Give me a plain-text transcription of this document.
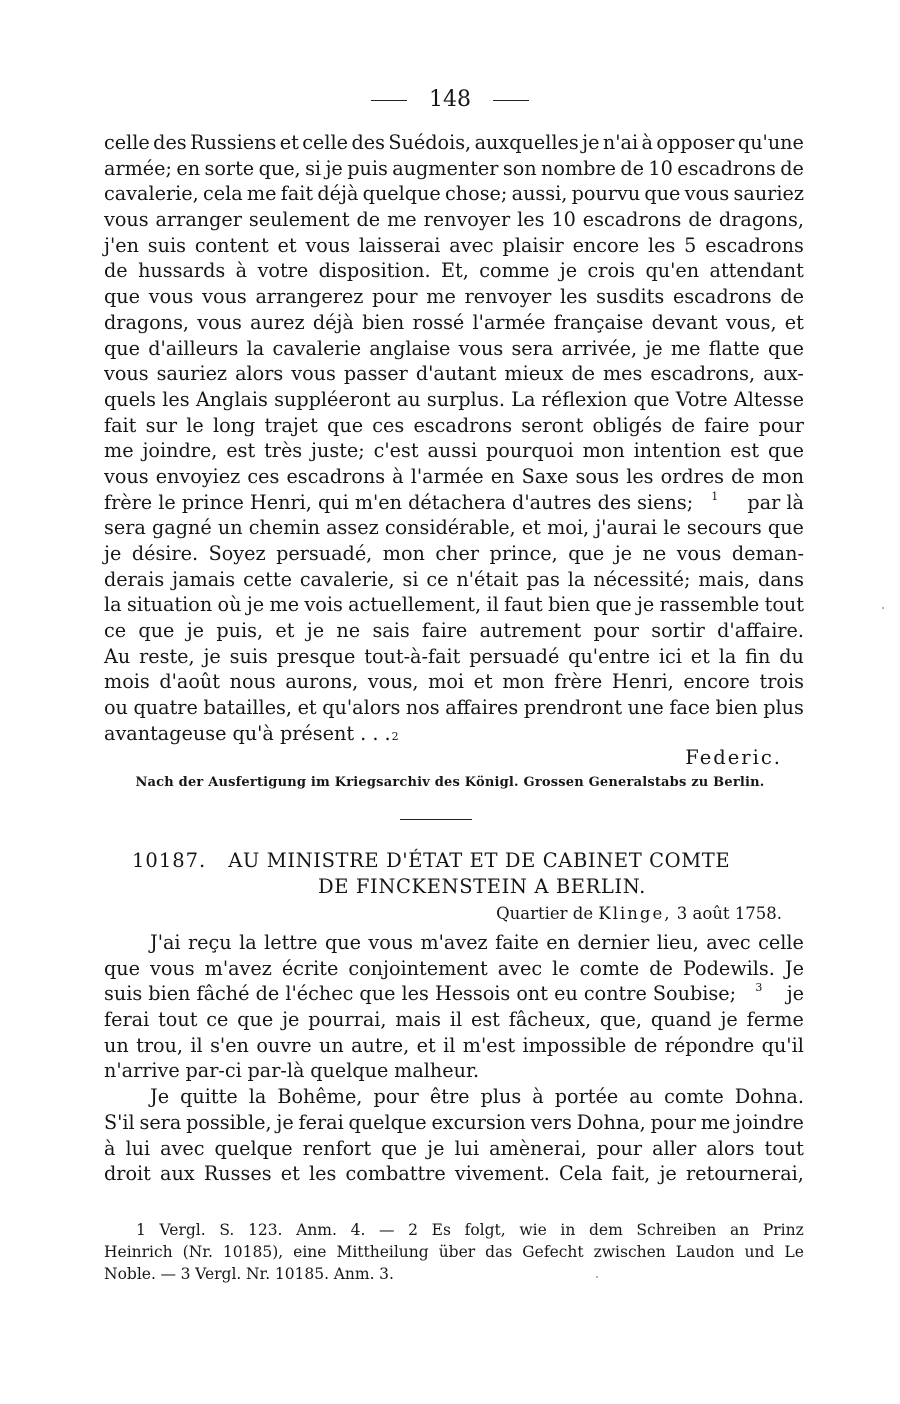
148
celle des Russiens et celle des Suédois, auxquelles je n'ai à opposer qu'une
armée; en sorte que, si je puis augmenter son nombre de 10 escadrons de
cavalerie, cela me fait déjà quelque chose; aussi, pourvu que vous sauriez
vous arranger seulement de me renvoyer les 10 escadrons de dragons,
j'en suis content et vous laisserai avec plaisir encore les 5 escadrons
de hussards à votre disposition. Et, comme je crois qu'en attendant
que vous vous arrangerez pour me renvoyer les susdits escadrons de
dragons, vous aurez déjà bien rossé l'armée française devant vous, et
que d'ailleurs la cavalerie anglaise vous sera arrivée, je me flatte que
vous sauriez alors vous passer d'autant mieux de mes escadrons, aux-
quels les Anglais suppléeront au surplus. La réflexion que Votre Altesse
fait sur le long trajet que ces escadrons seront obligés de faire pour
me joindre, est très juste; c'est aussi pourquoi mon intention est que
vous envoyiez ces escadrons à l'armée en Saxe sous les ordres de mon
frère le prince Henri, qui m'en détachera d'autres des siens; $^1$	par là
sera gagné un chemin assez considérable, et moi, j'aurai le secours que
je désire. Soyez persuadé, mon cher prince, que je ne vous deman-
derais jamais cette cavalerie, si ce n'était pas la nécessité; mais, dans
la situation où je me vois actuellement, il faut bien que je rassemble tout
ce que je puis, et je ne sais faire autrement pour sortir d'affaire.
Au reste, je suis presque tout-à-fait persuadé qu'entre ici et la fin du
mois d'août nous aurons, vous, moi et mon frère Henri, encore trois
ou quatre batailles, et qu'alors nos affaires prendront une face bien plus
avantageuse qu'à présent . . . 2
Federic.
Nach der Ausfertigung im Kriegsarchiv des Königl. Grossen Generalstabs zu Berlin.
10187. AU MINISTRE D'ÉTAT ET DE CABINET COMTE
DE FINCKENSTEIN A BERLIN.
Quartier de Klinge, 3 août 1758.
J'ai reçu la lettre que vous m'avez faite en dernier lieu, avec celle
que vous m'avez écrite conjointement avec le comte de Podewils. Je
suis bien fâché de l'échec que les Hessois ont eu contre Soubise; $^3$	je
ferai tout ce que je pourrai, mais il est fâcheux, que, quand je ferme
un trou, il s'en ouvre un autre, et il m'est impossible de répondre qu'il
n'arrive par-ci par-là quelque malheur.
Je quitte la Bohême, pour être plus à portée au comte Dohna.
S'il sera possible, je ferai quelque excursion vers Dohna, pour me joindre
à lui avec quelque renfort que je lui amènerai, pour aller alors tout
droit aux Russes et les combattre vivement. Cela fait, je retournerai,
1 Vergl. S. 123. Anm. 4. — 2 Es folgt, wie in dem Schreiben an Prinz
Heinrich (Nr. 10185), eine Mittheilung über das Gefecht zwischen Laudon und Le
Noble. — 3 Vergl. Nr. 10185. Anm. 3.
